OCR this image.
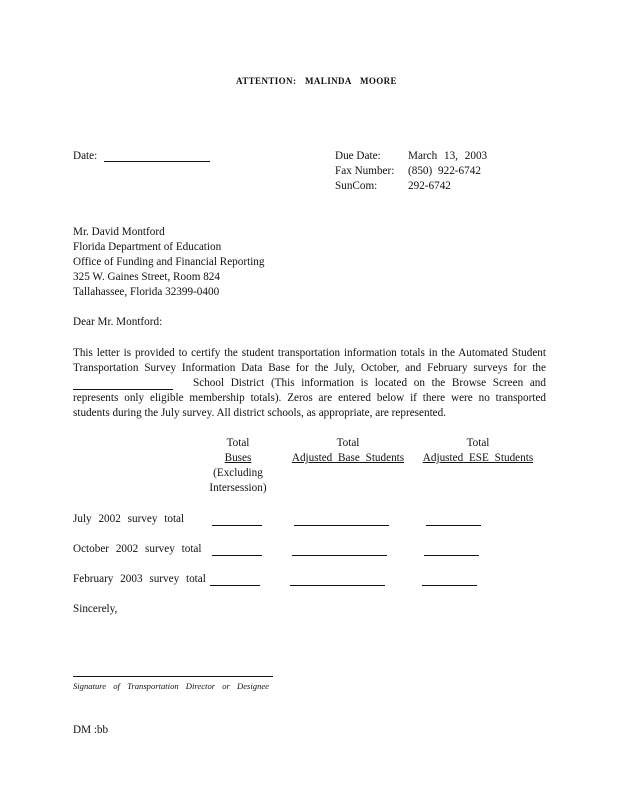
ATTENTION: MALINDA MOORE
Date:	Due Date: March 13, 2003
Fax Number: (850) 922-6742
SunCom:	292-6742
Mr. David Montford
Florida Department of Education
Office of Funding and Financial Reporting
325 W. Gaines Street, Room 824
Tallahassee, Florida 32399-0400
Dear Mr. Montford:
This letter is provided to certify the student transportation information totals in the Automated Student
Transportation Survey Information Data Base for the July, October, and February surveys for the
School District (This information is located on the Browse Screen and
represents only eligible membership totals). Zeros are entered below if there were no transported
students during the July survey. All district schools, as appropriate, are represented.
Total
Buses
(Excluding
Intersession)
Total
Adjusted Base Students
Total
Adjusted ESE Students
July 2002 survey total
October 2002 survey total
February 2003 survey total
Sincerely,
Signature of Transportation Director or Designee
DM :bb
